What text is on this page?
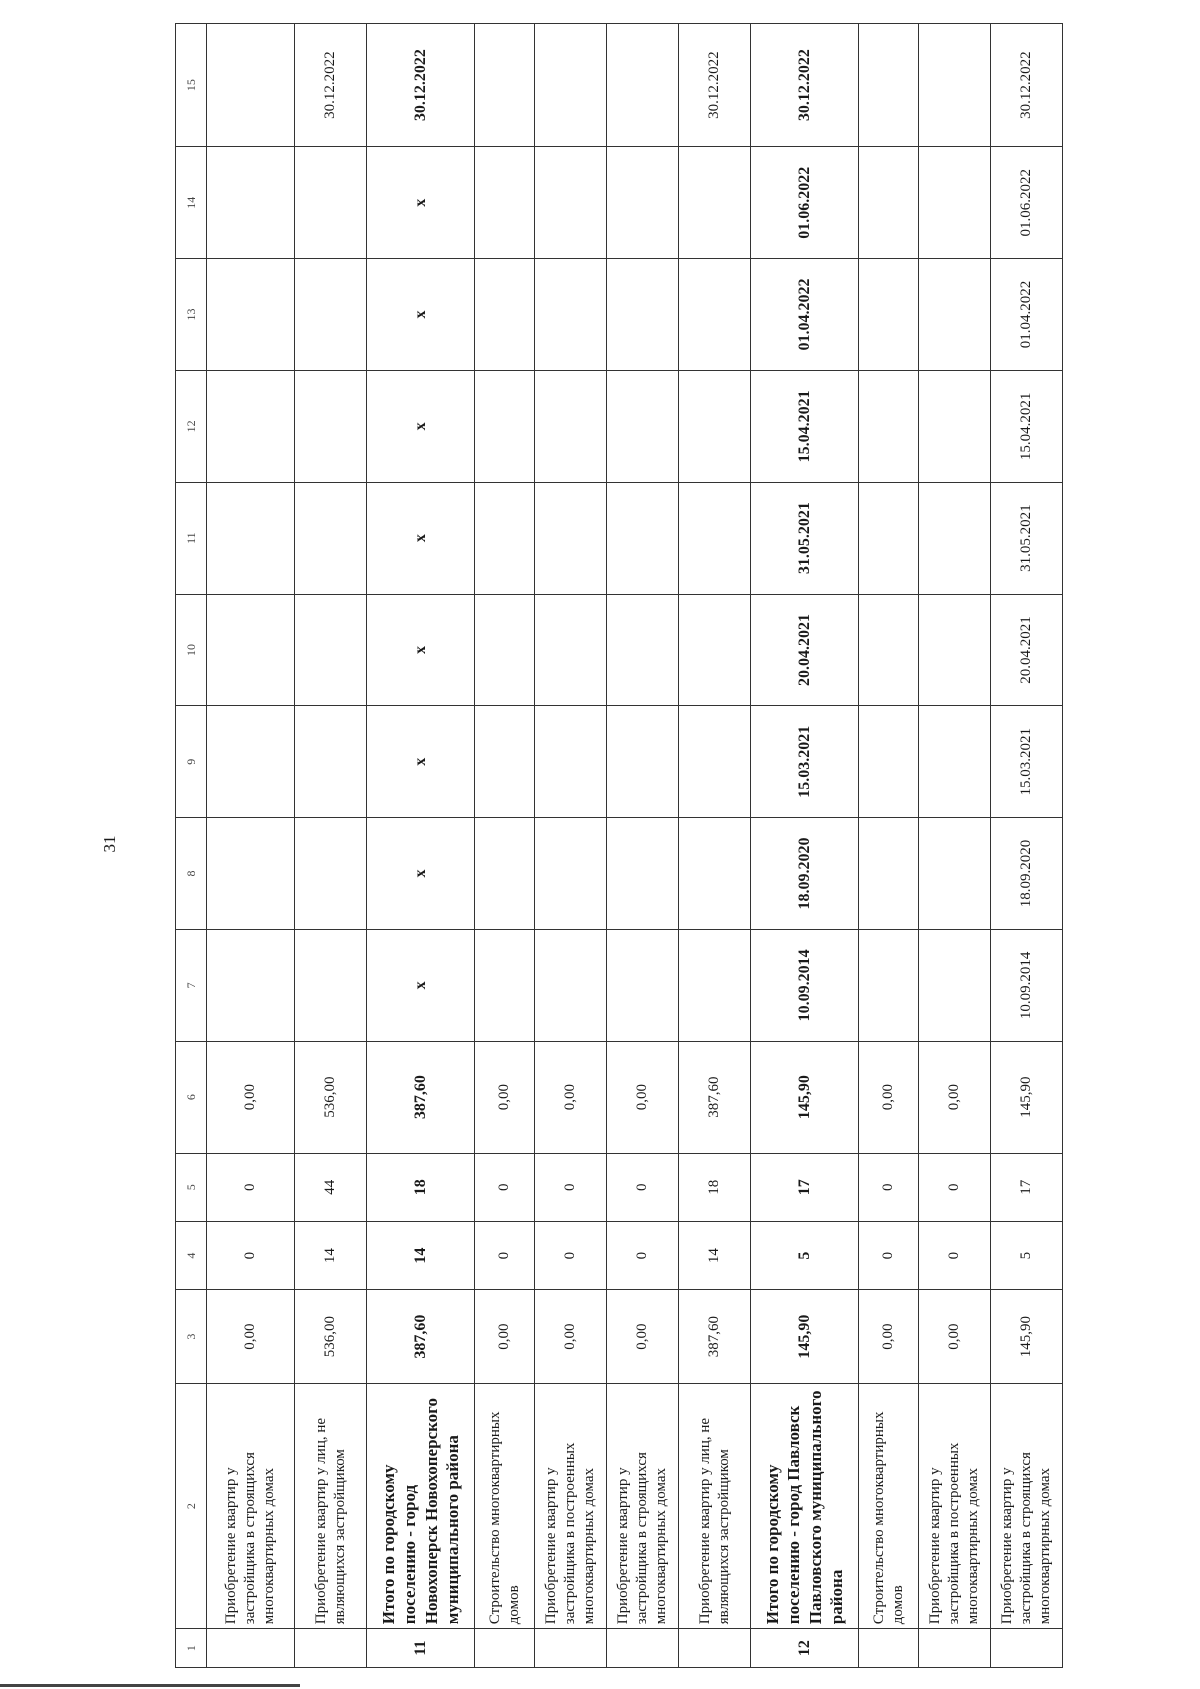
31
1	2	3	4	5	6	7	8	9	10	11	12	13	14	15
	Приобретение квартир у застройщика в строящихся многоквартирных домах	0,00	0	0	0,00									
	Приобретение квартир у лиц, не являющихся застройщиком	536,00	14	44	536,00									30.12.2022
11	Итого по городскому поселению - город Новохоперск Новохоперского муниципального района	387,60	14	18	387,60	x	x	x	x	x	x	x	x	30.12.2022
	Строительство многоквартирных домов	0,00	0	0	0,00									
	Приобретение квартир у застройщика в построенных многоквартирных домах	0,00	0	0	0,00									
	Приобретение квартир у застройщика в строящихся многоквартирных домах	0,00	0	0	0,00									
	Приобретение квартир у лиц, не являющихся застройщиком	387,60	14	18	387,60									30.12.2022
12	Итого по городскому поселению - город Павловск Павловского муниципального района	145,90	5	17	145,90	10.09.2014	18.09.2020	15.03.2021	20.04.2021	31.05.2021	15.04.2021	01.04.2022	01.06.2022	30.12.2022
	Строительство многоквартирных домов	0,00	0	0	0,00									
	Приобретение квартир у застройщика в построенных многоквартирных домах	0,00	0	0	0,00									
	Приобретение квартир у застройщика в строящихся многоквартирных домах	145,90	5	17	145,90	10.09.2014	18.09.2020	15.03.2021	20.04.2021	31.05.2021	15.04.2021	01.04.2022	01.06.2022	30.12.2022
